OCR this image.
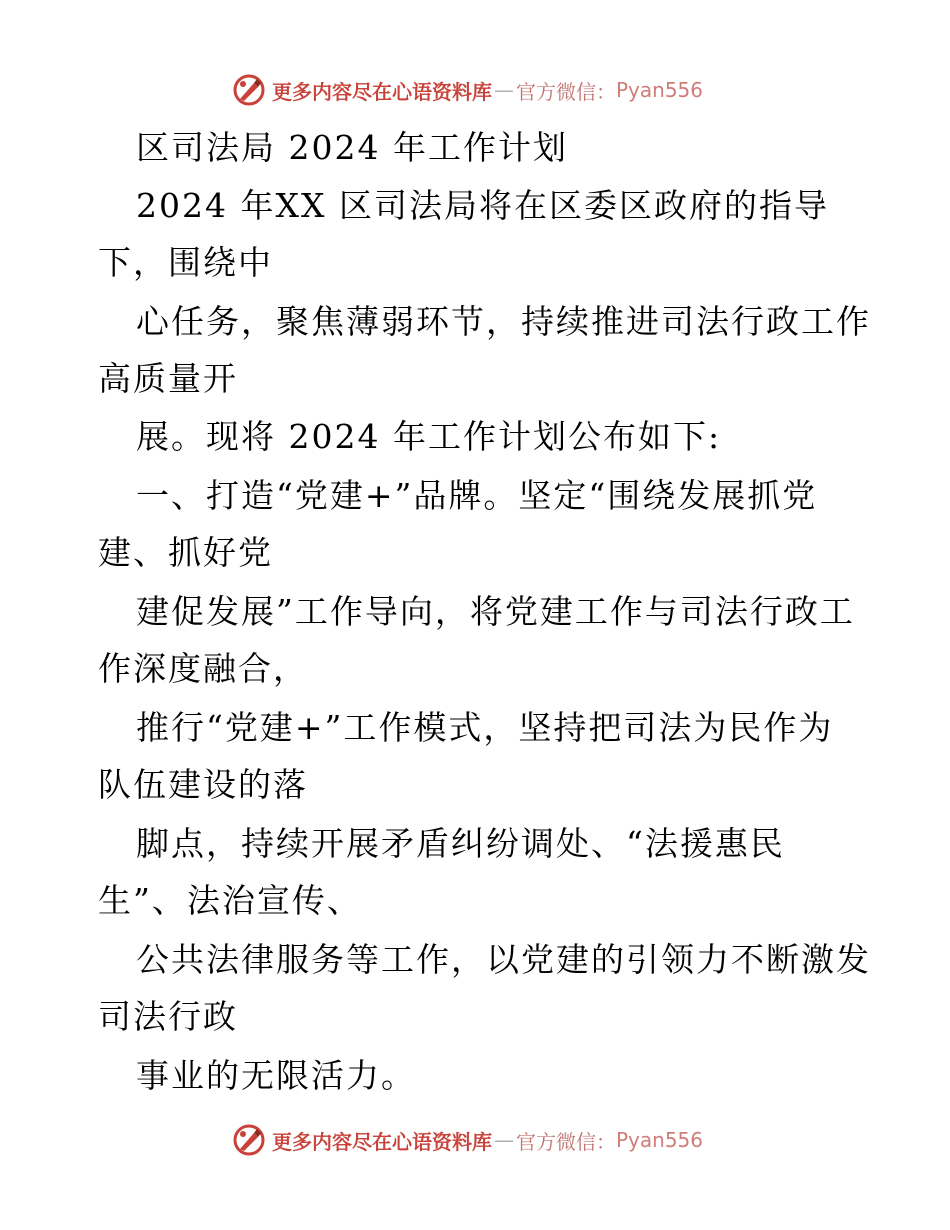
更多内容尽在心语资料库 — 官方微信： Pyan556
区司法局 2024 年工作计划
2024 年XX 区司法局将在区委区政府的指导
下，围绕中
心任务，聚焦薄弱环节，持续推进司法行政工作
高质量开
展。现将 2024 年工作计划公布如下:
一、打造“党建+”品牌。坚定“围绕发展抓党
建、抓好党
建促发展”工作导向，将党建工作与司法行政工
作深度融合，
推行“党建+”工作模式，坚持把司法为民作为
队伍建设的落
脚点，持续开展矛盾纠纷调处、“法援惠民
生”、法治宣传、
公共法律服务等工作，以党建的引领力不断激发
司法行政
事业的无限活力。
更多内容尽在心语资料库 — 官方微信： Pyan556
